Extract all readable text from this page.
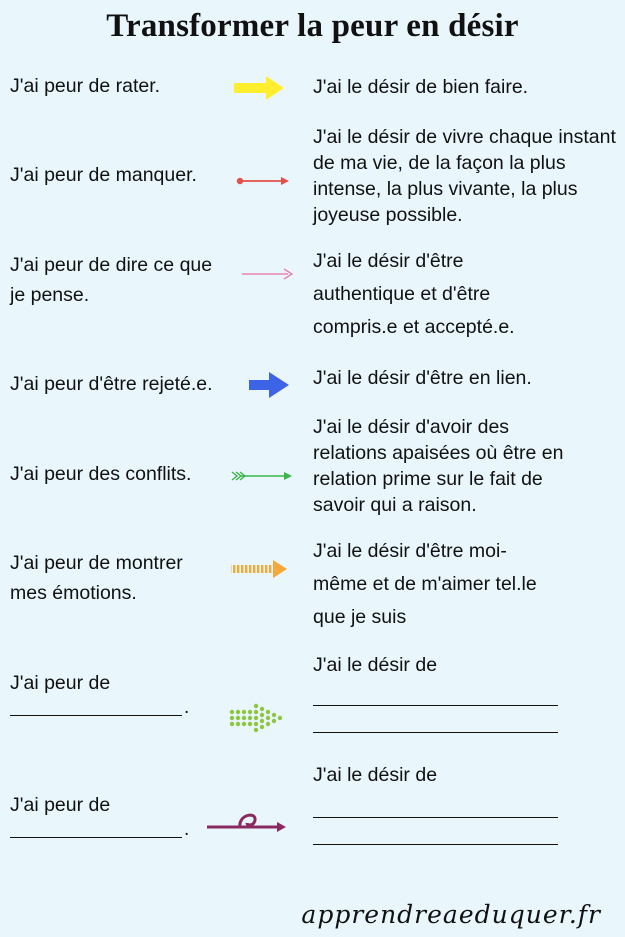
Transformer la peur en désir
J'ai peur de rater.	J'ai le désir de bien faire.
J'ai peur de manquer.
J'ai le désir de vivre chaque instant de ma vie, de la façon la plus intense, la plus vivante, la plus joyeuse possible.
J'ai peur de dire ce que je pense.
J'ai le désir d'être authentique et d'être compris.e et accepté.e.
J'ai peur d'être rejeté.e.	J'ai le désir d'être en lien.
J'ai peur des conflits.
J'ai le désir d'avoir des relations apaisées où être en relation prime sur le fait de savoir qui a raison.
J'ai peur de montrer mes émotions.
J'ai le désir d'être moi-même et de m'aimer tel.le que je suis
J'ai peur de
.
J'ai le désir de
J'ai peur de
.
J'ai le désir de
apprendreaeduquer.fr
